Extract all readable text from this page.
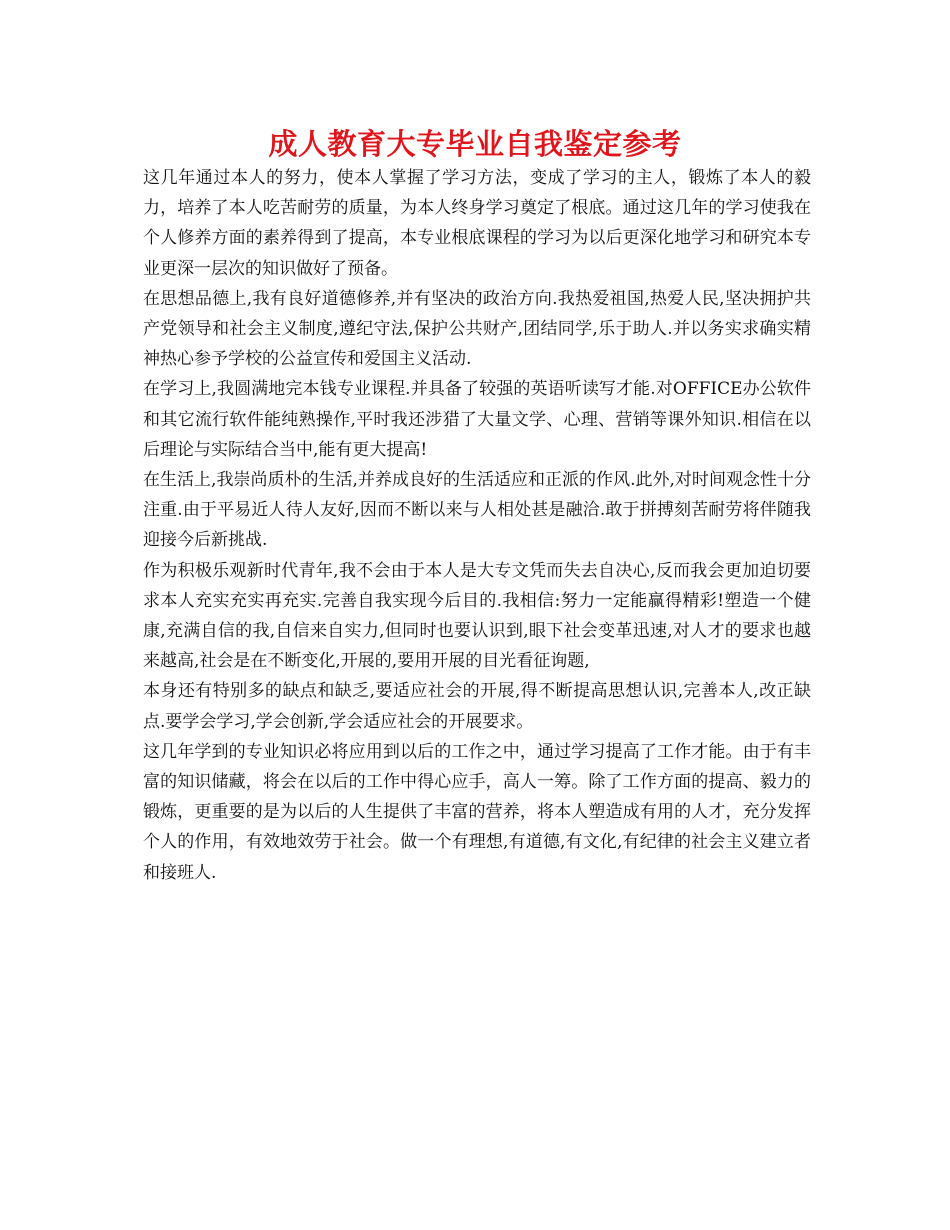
成人教育大专毕业自我鉴定参考

这几年通过本人的努力，使本人掌握了学习方法，变成了学习的主人，锻炼了本人的毅力，培养了本人吃苦耐劳的质量，为本人终身学习奠定了根底。通过这几年的学习使我在个人修养方面的素养得到了提高，本专业根底课程的学习为以后更深化地学习和研究本专业更深一层次的知识做好了预备。

在思想品德上,我有良好道德修养,并有坚决的政治方向.我热爱祖国,热爱人民,坚决拥护共产党领导和社会主义制度,遵纪守法,保护公共财产,团结同学,乐于助人.并以务实求确实精神热心参予学校的公益宣传和爱国主义活动.

在学习上,我圆满地完本钱专业课程.并具备了较强的英语听读写才能.对OFFICE办公软件和其它流行软件能纯熟操作,平时我还涉猎了大量文学、心理、营销等课外知识.相信在以后理论与实际结合当中,能有更大提高!

在生活上,我崇尚质朴的生活,并养成良好的生活适应和正派的作风.此外,对时间观念性十分注重.由于平易近人待人友好,因而不断以来与人相处甚是融洽.敢于拼搏刻苦耐劳将伴随我迎接今后新挑战.

作为积极乐观新时代青年,我不会由于本人是大专文凭而失去自决心,反而我会更加迫切要求本人充实充实再充实.完善自我实现今后目的.我相信:努力一定能赢得精彩!塑造一个健康,充满自信的我,自信来自实力,但同时也要认识到,眼下社会变革迅速,对人才的要求也越来越高,社会是在不断变化,开展的,要用开展的目光看征询题,

本身还有特别多的缺点和缺乏,要适应社会的开展,得不断提高思想认识,完善本人,改正缺点.要学会学习,学会创新,学会适应社会的开展要求。

这几年学到的专业知识必将应用到以后的工作之中，通过学习提高了工作才能。由于有丰富的知识储藏，将会在以后的工作中得心应手，高人一筹。除了工作方面的提高、毅力的锻炼，更重要的是为以后的人生提供了丰富的营养，将本人塑造成有用的人才，充分发挥个人的作用，有效地效劳于社会。做一个有理想,有道德,有文化,有纪律的社会主义建立者和接班人.
